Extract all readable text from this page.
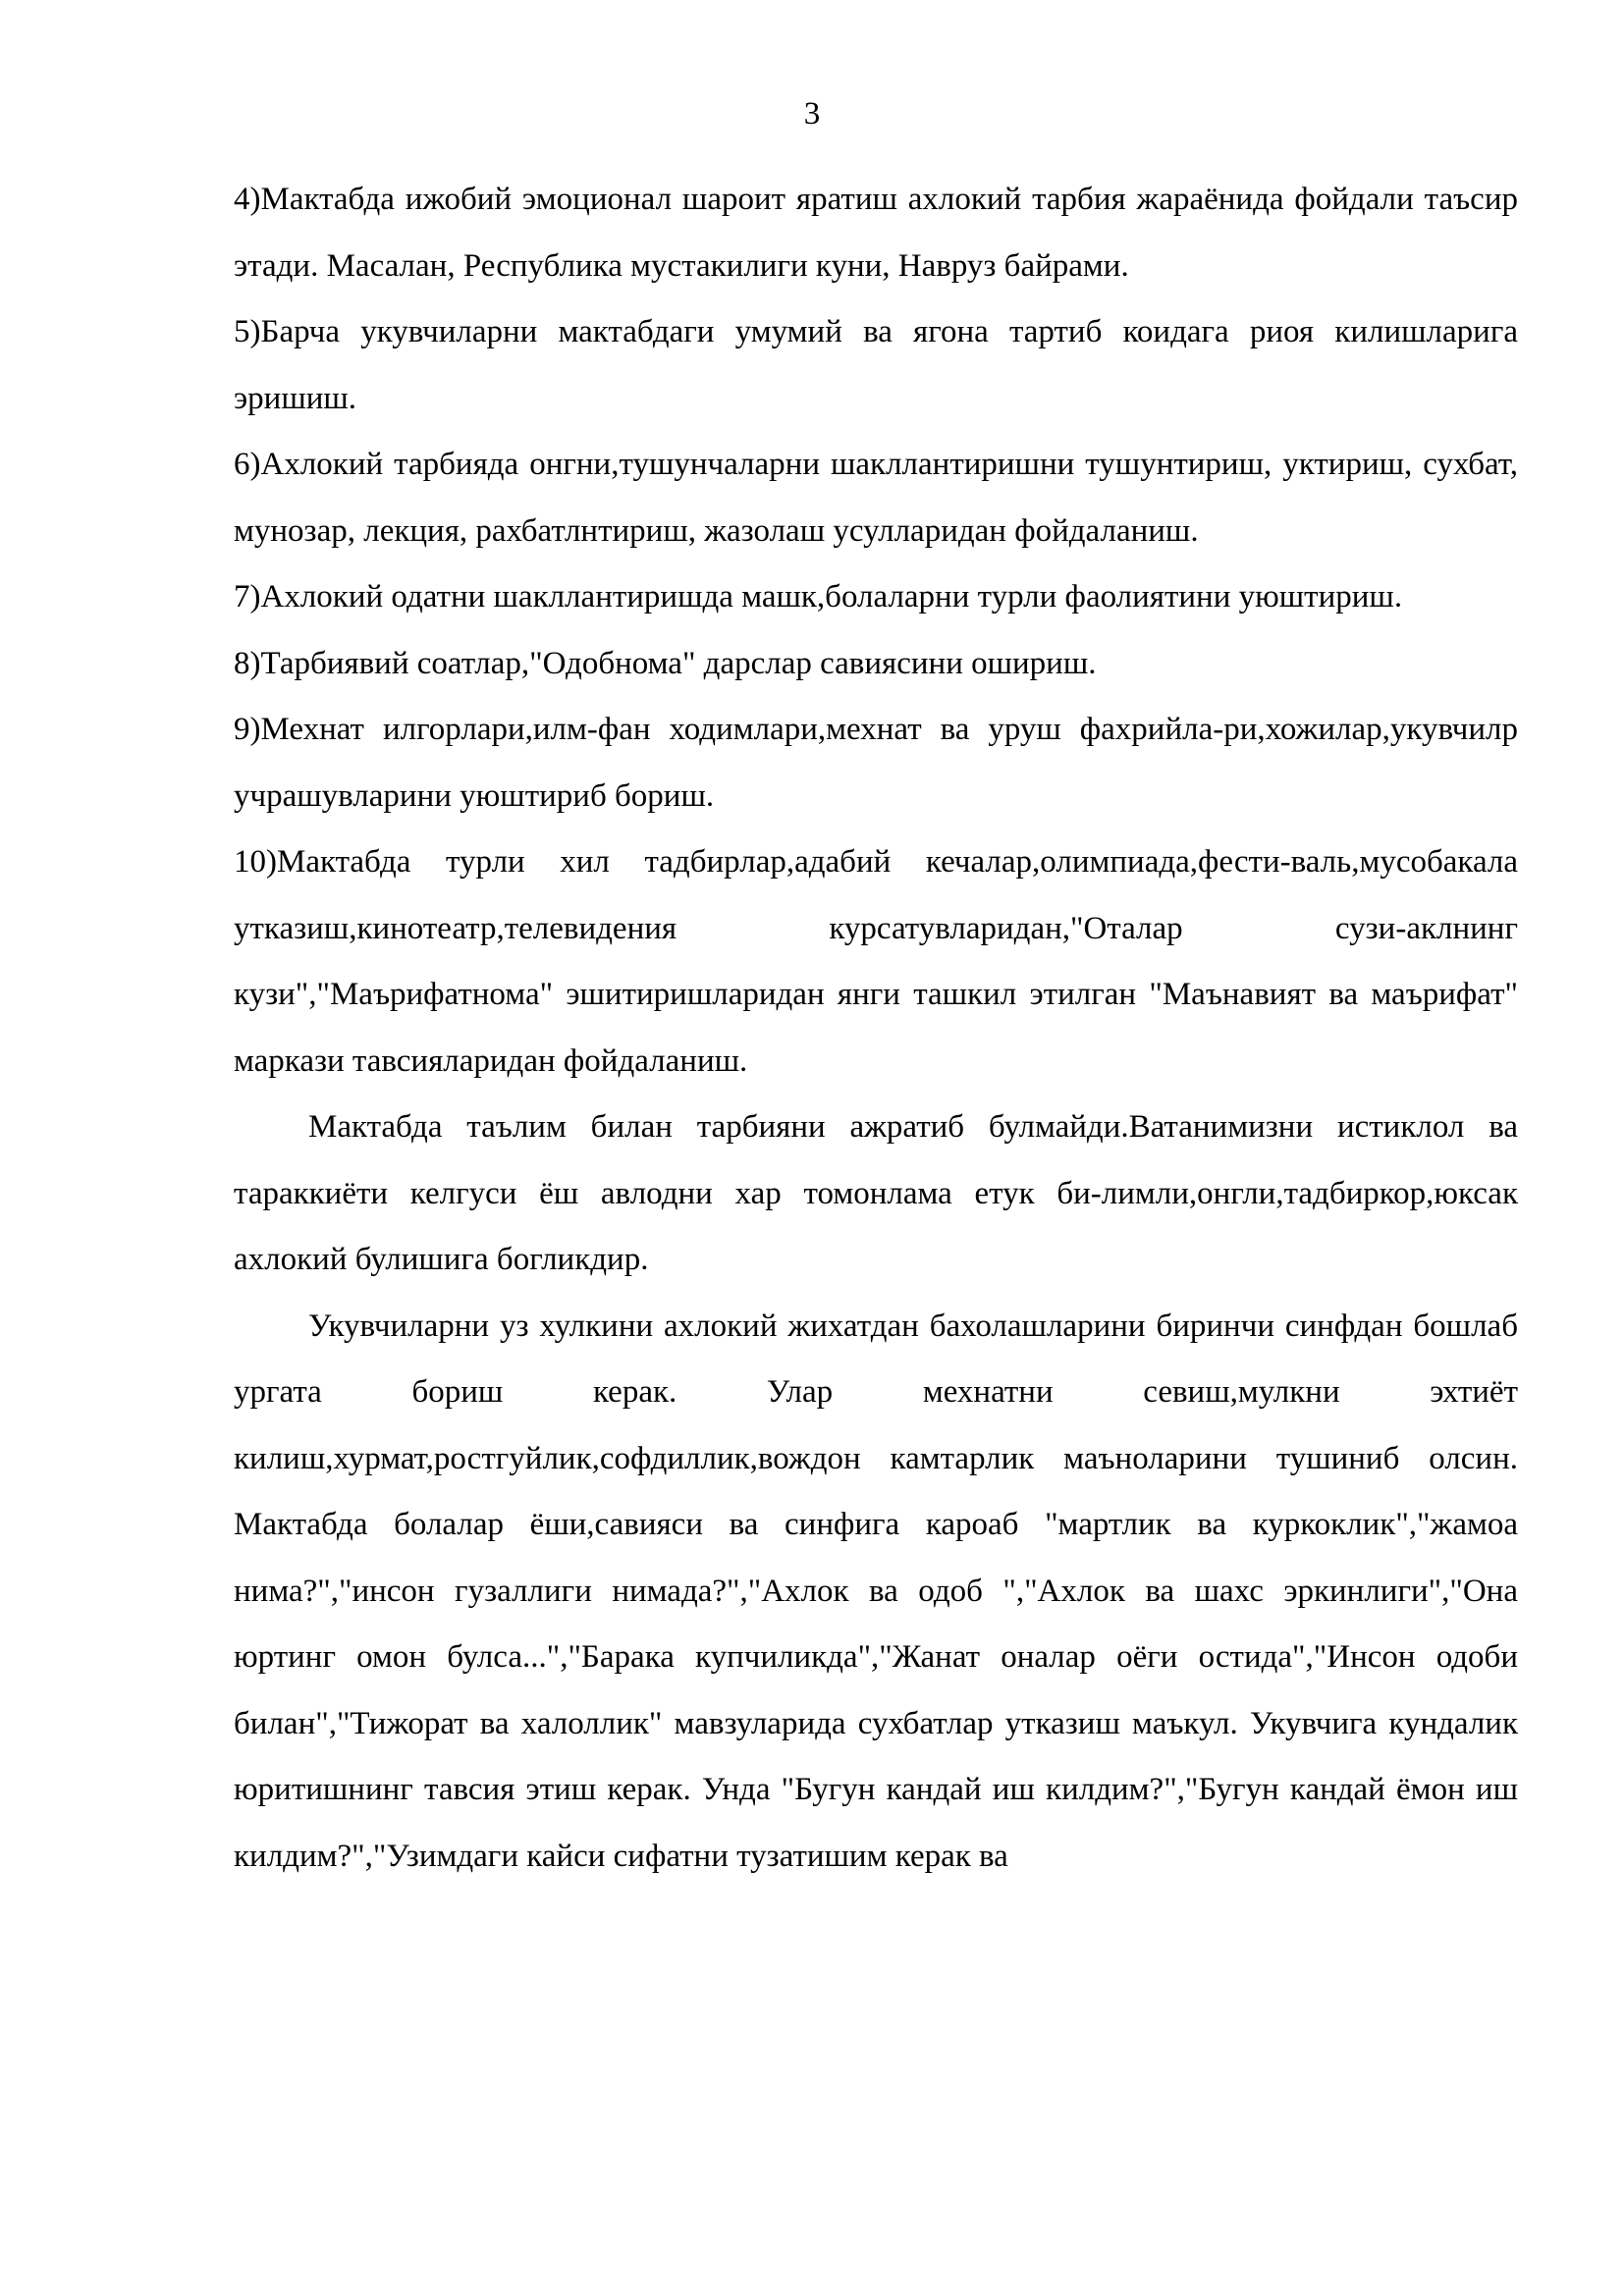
3

4)Мактабда ижобий эмоционал шароит яратиш ахлокий тарбия жараёнида фойдали таъсир этади. Масалан, Республика мустакилиги куни, Навруз байрами.

5)Барча укувчиларни мактабдаги умумий ва ягона тартиб коидага риоя килишларига эришиш.

6)Ахлокий тарбияда онгни,тушунчаларни шакллантиришни тушунтириш, уктириш, сухбат, мунозар, лекция, рахбатлнтириш, жазолаш усулларидан фойдаланиш.

7)Ахлокий одатни шакллантиришда машк,болаларни турли фаолиятини уюштириш.

8)Тарбиявий соатлар,"Одобнома" дарслар савиясини ошириш.

9)Мехнат илгорлари,илм-фан ходимлари,мехнат ва уруш фахрийла-ри,хожилар,укувчилр учрашувларини уюштириб бориш.

10)Мактабда турли хил тадбирлар,адабий кечалар,олимпиада,фести-валь,мусобакала утказиш,кинотеатр,телевидения курсатувларидан,"Оталар сузи-аклнинг кузи","Маърифатнома" эшитиришларидан янги ташкил этилган "Маънавият ва маърифат" маркази тавсияларидан фойдаланиш.

Мактабда таълим билан тарбияни ажратиб булмайди.Ватанимизни истиклол ва тараккиёти келгуси ёш авлодни хар томонлама етук би-лимли,онгли,тадбиркор,юксак ахлокий булишига богликдир.

Укувчиларни уз хулкини ахлокий жихатдан бахолашларини биринчи синфдан бошлаб ургата бориш керак. Улар мехнатни севиш,мулкни эхтиёт килиш,хурмат,ростгуйлик,софдиллик,вождон камтарлик маъноларини тушиниб олсин. Мактабда болалар ёши,савияси ва синфига кароаб "мартлик ва куркоклик","жамоа нима?","инсон гузаллиги нимада?","Ахлок ва одоб ","Ахлок ва шахс эркинлиги","Она юртинг омон булса...","Барака купчиликда","Жанат оналар оёги остида","Инсон одоби билан","Тижорат ва халоллик" мавзуларида сухбатлар утказиш маъкул. Укувчига кундалик юритишнинг тавсия этиш керак. Унда "Бугун кандай иш килдим?","Бугун кандай ёмон иш килдим?","Узимдаги кайси сифатни тузатишим керак ва
